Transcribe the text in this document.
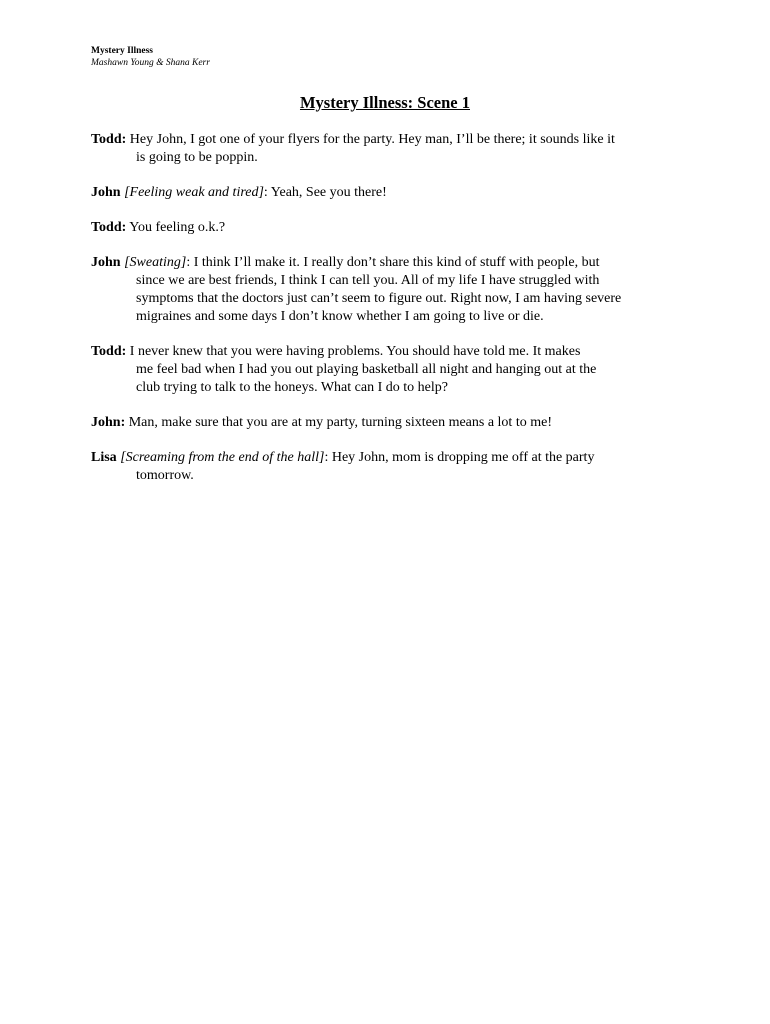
Mystery Illness
Mashawn Young & Shana Kerr
Mystery Illness: Scene 1
Todd: Hey John, I got one of your flyers for the party. Hey man, I’ll be there; it sounds like it
is going to be poppin.
John [Feeling weak and tired]: Yeah, See you there!
Todd: You feeling o.k.?
John [Sweating]: I think I’ll make it. I really don’t share this kind of stuff with people, but
since we are best friends, I think I can tell you. All of my life I have struggled with
symptoms that the doctors just can’t seem to figure out. Right now, I am having severe
migraines and some days I don’t know whether I am going to live or die.
Todd: I never knew that you were having problems. You should have told me. It makes
me feel bad when I had you out playing basketball all night and hanging out at the
club trying to talk to the honeys. What can I do to help?
John: Man, make sure that you are at my party, turning sixteen means a lot to me!
Lisa [Screaming from the end of the hall]: Hey John, mom is dropping me off at the party
tomorrow.
